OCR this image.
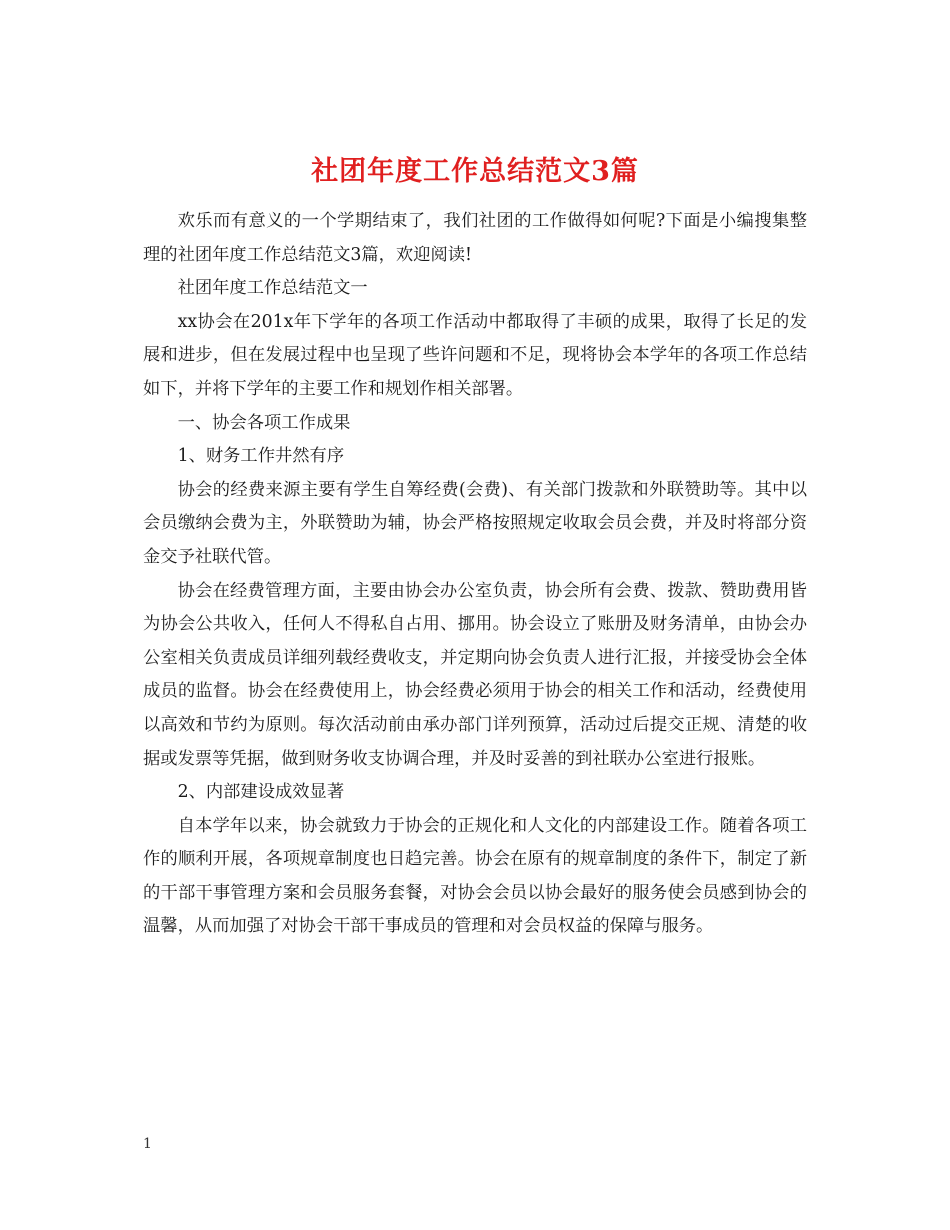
社团年度工作总结范文3篇

欢乐而有意义的一个学期结束了，我们社团的工作做得如何呢?下面是小编搜集整理的社团年度工作总结范文3篇，欢迎阅读!

社团年度工作总结范文一

xx协会在201x年下学年的各项工作活动中都取得了丰硕的成果，取得了长足的发展和进步，但在发展过程中也呈现了些许问题和不足，现将协会本学年的各项工作总结如下，并将下学年的主要工作和规划作相关部署。

一、协会各项工作成果

1、财务工作井然有序

协会的经费来源主要有学生自筹经费(会费)、有关部门拨款和外联赞助等。其中以会员缴纳会费为主，外联赞助为辅，协会严格按照规定收取会员会费，并及时将部分资金交予社联代管。

协会在经费管理方面，主要由协会办公室负责，协会所有会费、拨款、赞助费用皆为协会公共收入，任何人不得私自占用、挪用。协会设立了账册及财务清单，由协会办公室相关负责成员详细列载经费收支，并定期向协会负责人进行汇报，并接受协会全体成员的监督。协会在经费使用上，协会经费必须用于协会的相关工作和活动，经费使用以高效和节约为原则。每次活动前由承办部门详列预算，活动过后提交正规、清楚的收据或发票等凭据，做到财务收支协调合理，并及时妥善的到社联办公室进行报账。

2、内部建设成效显著

自本学年以来，协会就致力于协会的正规化和人文化的内部建设工作。随着各项工作的顺利开展，各项规章制度也日趋完善。协会在原有的规章制度的条件下，制定了新的干部干事管理方案和会员服务套餐，对协会会员以协会最好的服务使会员感到协会的温馨，从而加强了对协会干部干事成员的管理和对会员权益的保障与服务。

1
